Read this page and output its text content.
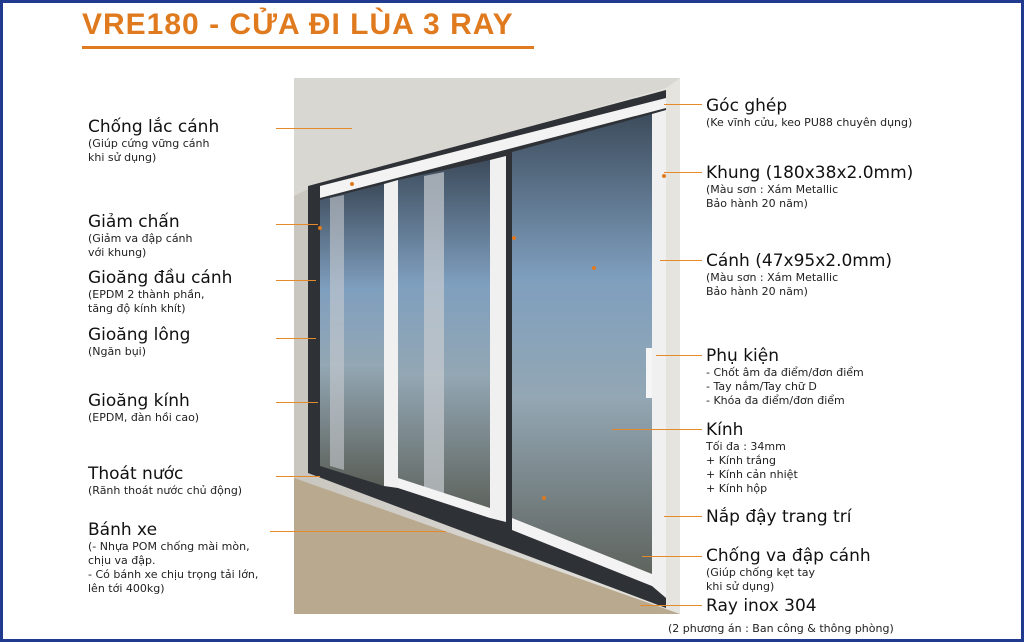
VRE180 - CỬA ĐI LÙA 3 RAY
Chống lắc cánh
(Giúp cứng vững cánh
khi sử dụng)
Giảm chấn
(Giảm va đập cánh
với khung)
Gioăng đầu cánh
(EPDM 2 thành phần,
tăng độ kính khít)
Gioăng lông
(Ngăn bụi)
Gioăng kính
(EPDM, đàn hồi cao)
Thoát nước
(Rãnh thoát nước chủ động)
Bánh xe
(- Nhựa POM chống mài mòn,
chịu va đập.
- Có bánh xe chịu trọng tải lớn,
lên tới 400kg)
Góc ghép
(Ke vĩnh cửu, keo PU88 chuyên dụng)
Khung (180x38x2.0mm)
(Màu sơn : Xám Metallic
Bảo hành 20 năm)
Cánh (47x95x2.0mm)
(Màu sơn : Xám Metallic
Bảo hành 20 năm)
Phụ kiện
- Chốt âm đa điểm/đơn điểm
- Tay nắm/Tay chữ D
- Khóa đa điểm/đơn điểm
Kính
Tối đa : 34mm
+ Kính trắng
+ Kính cản nhiệt
+ Kính hộp
Nắp đậy trang trí
Chống va đập cánh
(Giúp chống kẹt tay
khi sử dụng)
Ray inox 304
(2 phương án : Ban công & thông phòng)
